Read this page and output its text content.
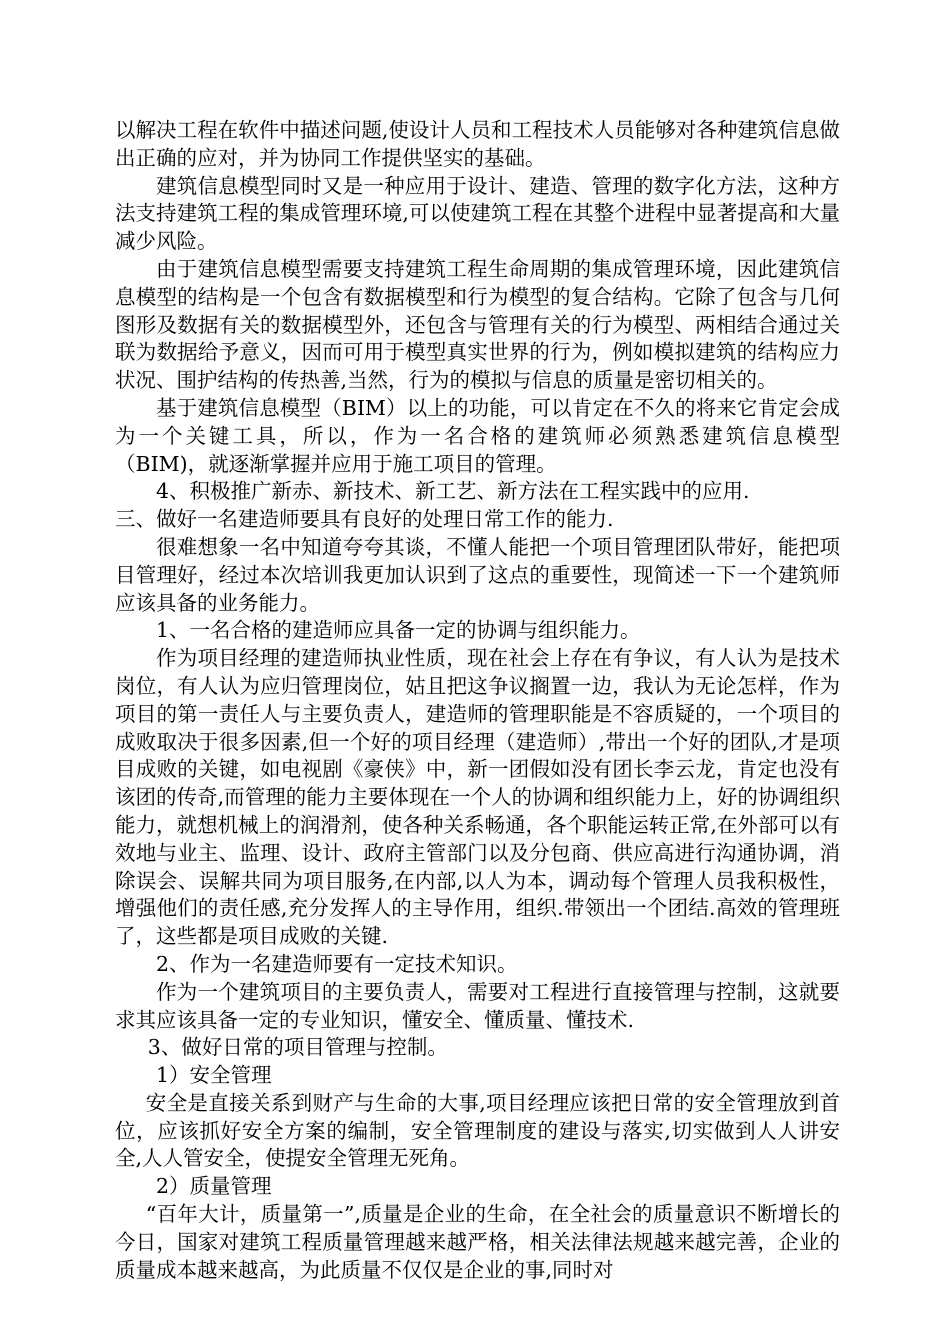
以解决工程在软件中描述问题,使设计人员和工程技术人员能够对各种建筑信息做出正确的应对，并为协同工作提供坚实的基础。

建筑信息模型同时又是一种应用于设计、建造、管理的数字化方法，这种方法支持建筑工程的集成管理环境,可以使建筑工程在其整个进程中显著提高和大量减少风险。

由于建筑信息模型需要支持建筑工程生命周期的集成管理环境，因此建筑信息模型的结构是一个包含有数据模型和行为模型的复合结构。它除了包含与几何图形及数据有关的数据模型外，还包含与管理有关的行为模型、两相结合通过关联为数据给予意义，因而可用于模型真实世界的行为，例如模拟建筑的结构应力状况、围护结构的传热善,当然，行为的模拟与信息的质量是密切相关的。

基于建筑信息模型（BIM）以上的功能，可以肯定在不久的将来它肯定会成为一个关键工具，所以，作为一名合格的建筑师必须熟悉建筑信息模型（BIM)，就逐渐掌握并应用于施工项目的管理。

4、积极推广新赤、新技术、新工艺、新方法在工程实践中的应用.

三、做好一名建造师要具有良好的处理日常工作的能力.

很难想象一名中知道夸夸其谈，不懂人能把一个项目管理团队带好，能把项目管理好，经过本次培训我更加认识到了这点的重要性，现简述一下一个建筑师应该具备的业务能力。

1、一名合格的建造师应具备一定的协调与组织能力。

作为项目经理的建造师执业性质，现在社会上存在有争议，有人认为是技术岗位，有人认为应归管理岗位，姑且把这争议搁置一边，我认为无论怎样，作为项目的第一责任人与主要负责人，建造师的管理职能是不容质疑的，一个项目的成败取决于很多因素,但一个好的项目经理（建造师）,带出一个好的团队,才是项目成败的关键，如电视剧《豪侠》中，新一团假如没有团长李云龙，肯定也没有该团的传奇,而管理的能力主要体现在一个人的协调和组织能力上，好的协调组织能力，就想机械上的润滑剂，使各种关系畅通，各个职能运转正常,在外部可以有效地与业主、监理、设计、政府主管部门以及分包商、供应高进行沟通协调，消除误会、误解共同为项目服务,在内部,以人为本，调动每个管理人员我积极性，增强他们的责任感,充分发挥人的主导作用，组织.带领出一个团结.高效的管理班了，这些都是项目成败的关键.

2、作为一名建造师要有一定技术知识。

作为一个建筑项目的主要负责人，需要对工程进行直接管理与控制，这就要求其应该具备一定的专业知识，懂安全、懂质量、懂技术.

3、做好日常的项目管理与控制。

1）安全管理

安全是直接关系到财产与生命的大事,项目经理应该把日常的安全管理放到首位，应该抓好安全方案的编制，安全管理制度的建设与落实,切实做到人人讲安全,人人管安全，使提安全管理无死角。

2）质量管理

“百年大计，质量第一”,质量是企业的生命，在全社会的质量意识不断增长的今日，国家对建筑工程质量管理越来越严格，相关法律法规越来越完善，企业的质量成本越来越高，为此质量不仅仅是企业的事,同时对
